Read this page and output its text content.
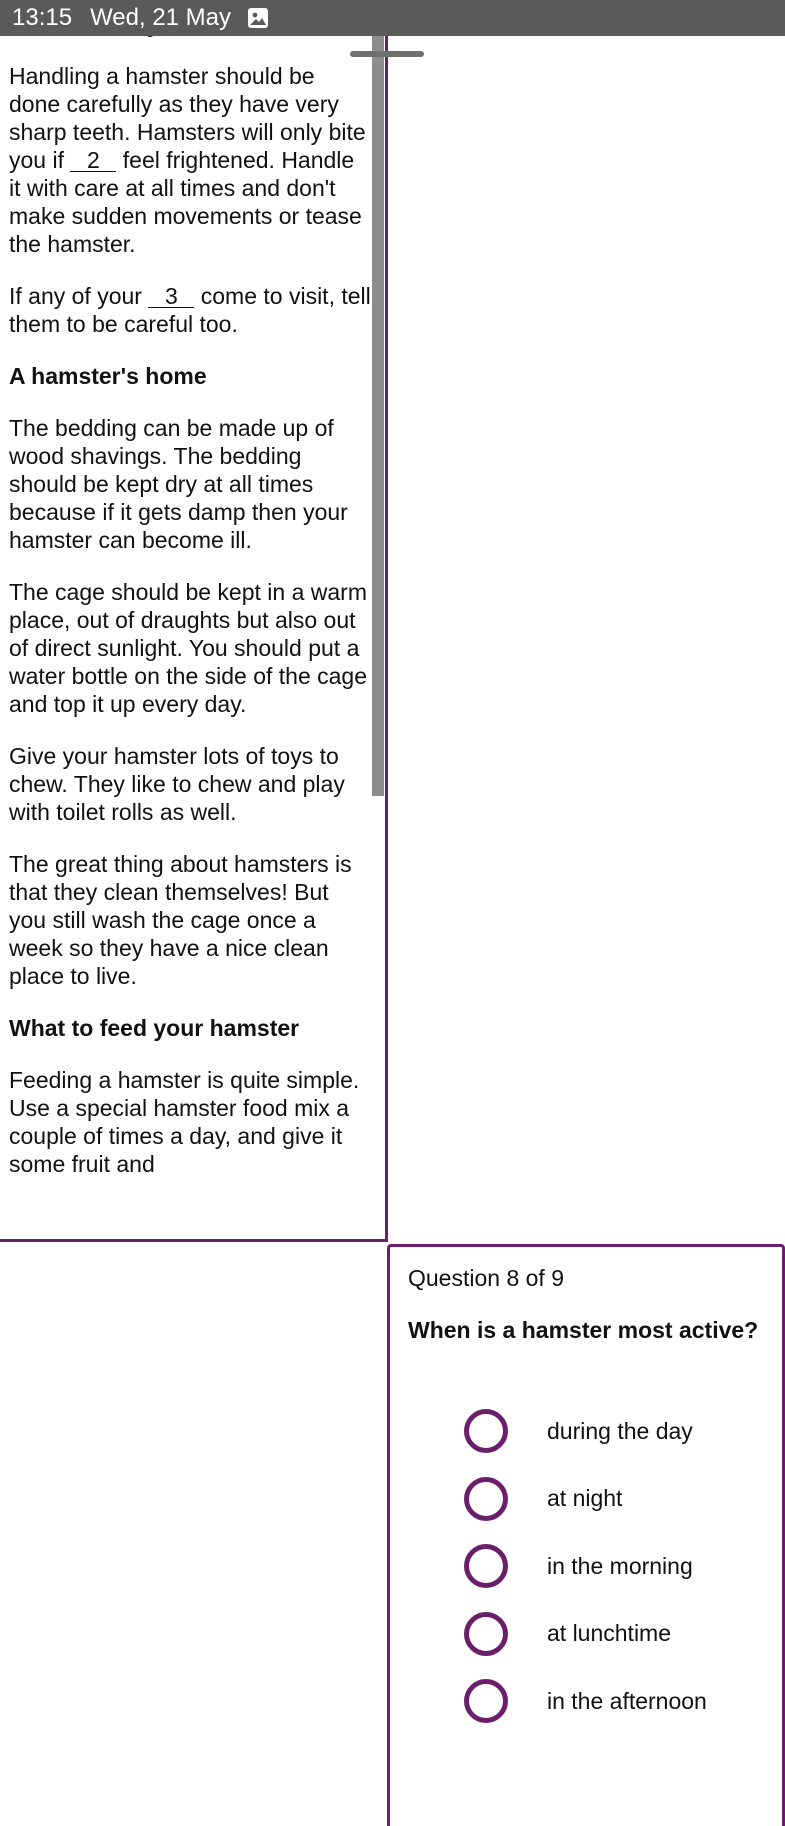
13:15 Wed, 21 May

Handling a hamster should be done carefully as they have very sharp teeth. Hamsters will only bite you if 2 feel frightened. Handle it with care at all times and don't make sudden movements or tease the hamster.

If any of your 3 come to visit, tell them to be careful too.

A hamster's home

The bedding can be made up of wood shavings. The bedding should be kept dry at all times because if it gets damp then your hamster can become ill.

The cage should be kept in a warm place, out of draughts but also out of direct sunlight. You should put a water bottle on the side of the cage and top it up every day.

Give your hamster lots of toys to chew. They like to chew and play with toilet rolls as well.

The great thing about hamsters is that they clean themselves! But you still wash the cage once a week so they have a nice clean place to live.

What to feed your hamster

Feeding a hamster is quite simple. Use a special hamster food mix a couple of times a day, and give it some fruit and

Question 8 of 9
When is a hamster most active?
during the day
at night
in the morning
at lunchtime
in the afternoon
